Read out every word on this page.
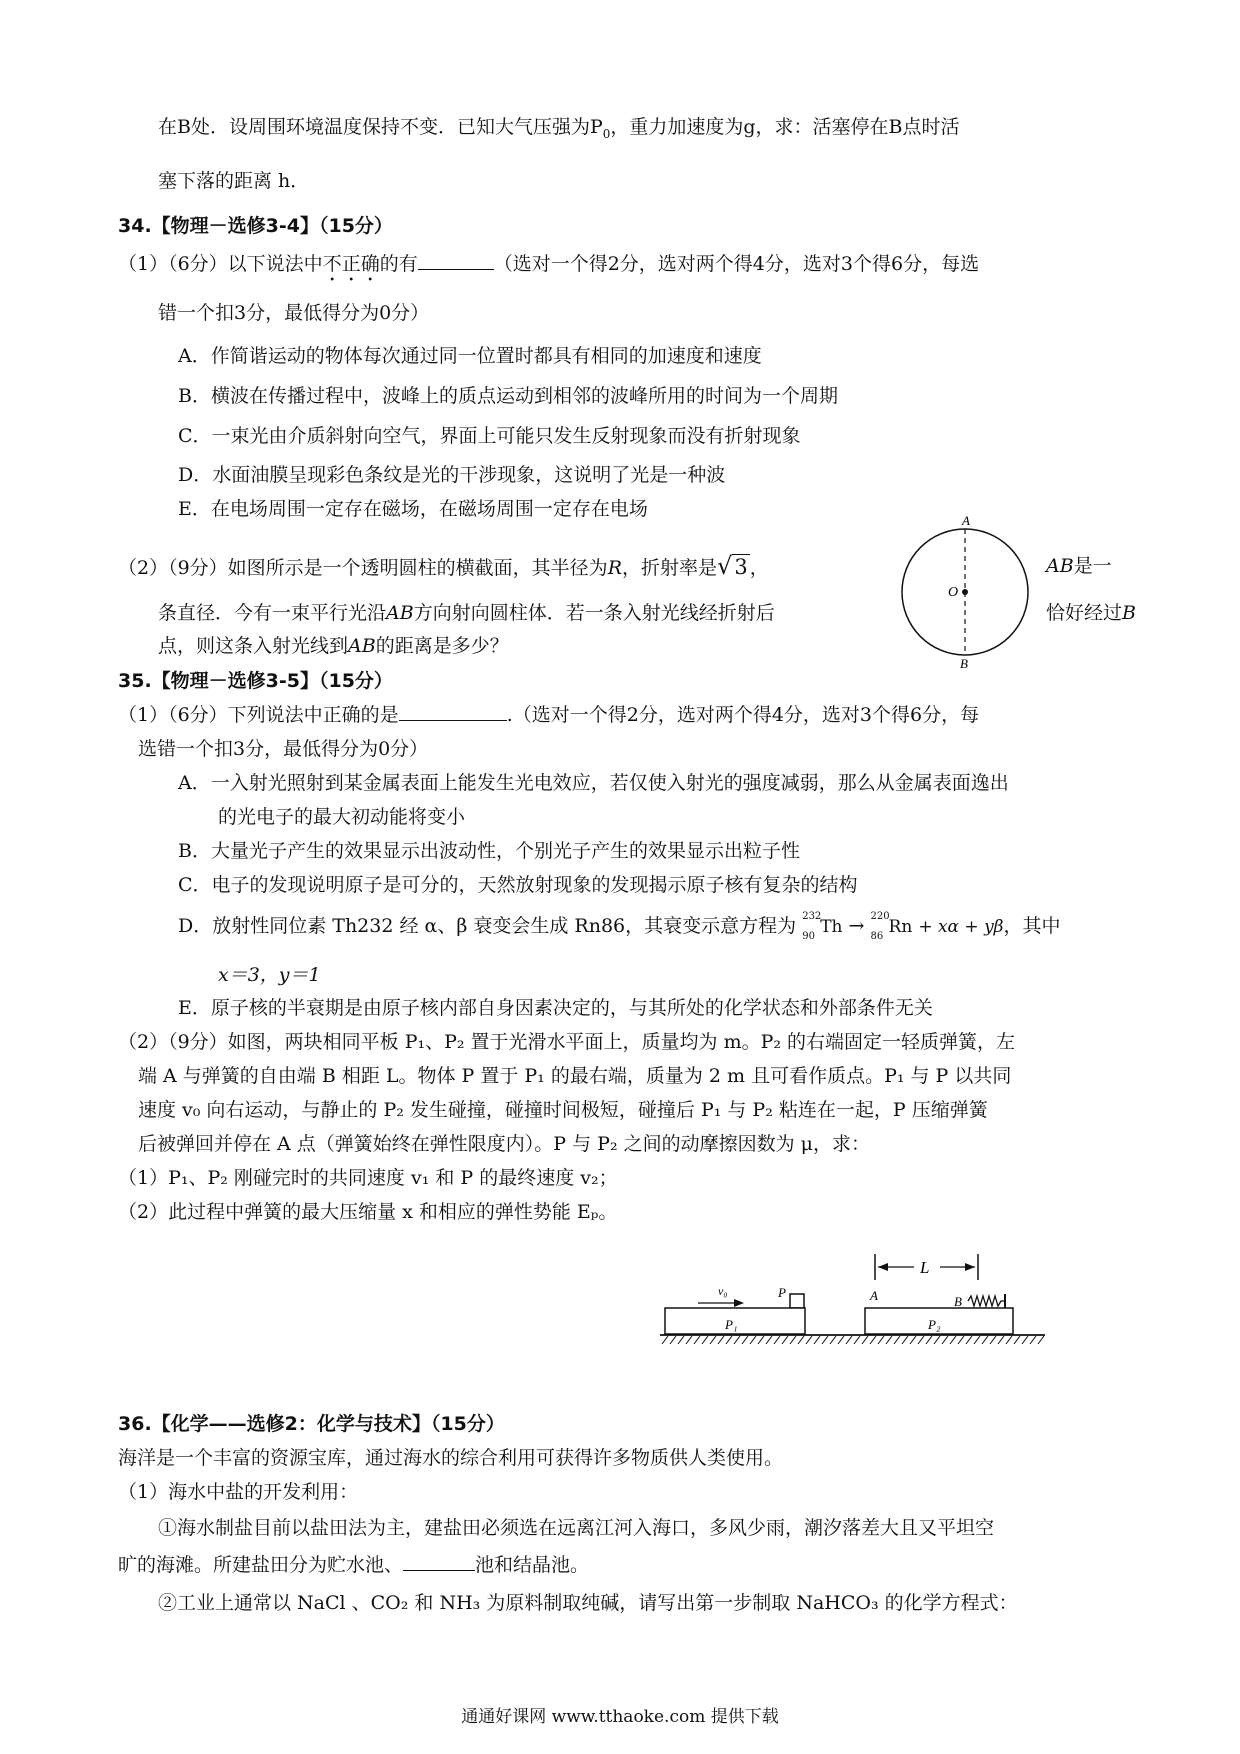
在B处．设周围环境温度保持不变．已知大气压强为$P_0$，重力加速度为g，求：活塞停在B点时活
塞下落的距离 h．
34.【物理－选修3-4】（15分）
（1）（6分）以下说法中不正确的有	（选对一个得2分，选对两个得4分，选对3个得6分，每选
错一个扣3分，最低得分为0分）
A．作简谐运动的物体每次通过同一位置时都具有相同的加速度和速度
B．横波在传播过程中，波峰上的质点运动到相邻的波峰所用的时间为一个周期
C．一束光由介质斜射向空气，界面上可能只发生反射现象而没有折射现象
D．水面油膜呈现彩色条纹是光的干涉现象，这说明了光是一种波
E．在电场周围一定存在磁场，在磁场周围一定存在电场
（2）（9分）如图所示是一个透明圆柱的横截面，其半径为R，折射率是√3 ，	AB是一
条直径．今有一束平行光沿AB方向射向圆柱体．若一条入射光线经折射后	恰好经过B
点，则这条入射光线到AB的距离是多少？
A
O
B
35.【物理－选修3-5】（15分）
（1）（6分）下列说法中正确的是	.（选对一个得2分，选对两个得4分，选对3个得6分，每
选错一个扣3分，最低得分为0分）
A．一入射光照射到某金属表面上能发生光电效应，若仅使入射光的强度减弱，那么从金属表面逸出
的光电子的最大初动能将变小
B．大量光子产生的效果显示出波动性，个别光子产生的效果显示出粒子性
C．电子的发现说明原子是可分的，天然放射现象的发现揭示原子核有复杂的结构
D．放射性同位素 Th232 经 α、β 衰变会生成 Rn86，其衰变示意方程为 232
90 Th → 220
86 Rn + xα + yβ，其中
x＝3，y＝1
E．原子核的半衰期是由原子核内部自身因素决定的，与其所处的化学状态和外部条件无关
（2）（9分）如图，两块相同平板 P₁、P₂ 置于光滑水平面上，质量均为 m。P₂ 的右端固定一轻质弹簧，左
端 A 与弹簧的自由端 B 相距 L。物体 P 置于 P₁ 的最右端，质量为 2 m 且可看作质点。P₁ 与 P 以共同
速度 v₀ 向右运动，与静止的 P₂ 发生碰撞，碰撞时间极短，碰撞后 P₁ 与 P₂ 粘连在一起，P 压缩弹簧
后被弹回并停在 A 点（弹簧始终在弹性限度内）。P 与 P₂ 之间的动摩擦因数为 μ，求：
（1）P₁、P₂ 刚碰完时的共同速度 v₁ 和 P 的最终速度 v₂；
（2）此过程中弹簧的最大压缩量 x 和相应的弹性势能 Eₚ。
L
v₀	P
P₁
A
P₂
B
36.【化学——选修2：化学与技术】（15分）
海洋是一个丰富的资源宝库，通过海水的综合利用可获得许多物质供人类使用。
（1）海水中盐的开发利用：
①海水制盐目前以盐田法为主，建盐田必须选在远离江河入海口，多风少雨，潮汐落差大且又平坦空
旷的海滩。所建盐田分为贮水池、	池和结晶池。
②工业上通常以 NaCl 、CO₂ 和 NH₃ 为原料制取纯碱，请写出第一步制取 NaHCO₃ 的化学方程式：
通通好课网 www.tthaoke.com 提供下载
